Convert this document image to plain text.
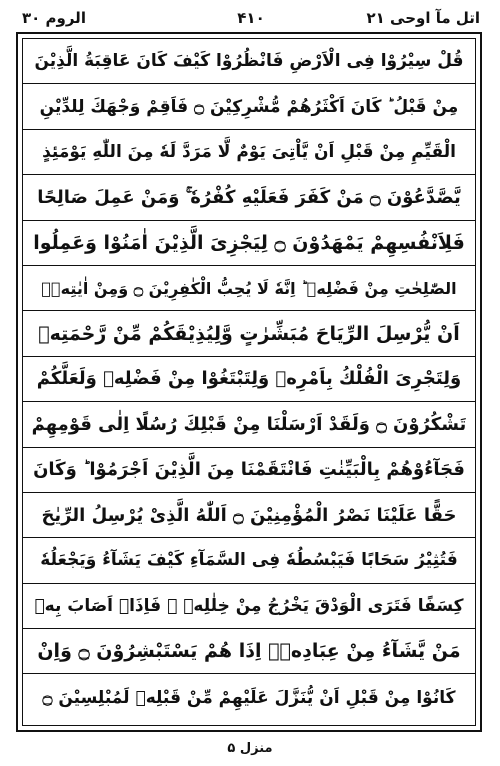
الروم ۳۰	۴۱۰	اتل مآ اوحی ۲۱
قُلْ سِيْرُوْا فِى الْاَرْضِ فَانْظُرُوْا كَيْفَ كَانَ عَاقِبَةُ الَّذِيْنَ
مِنْ قَبْلُ ؕ كَانَ اَكْثَرُهُمْ مُّشْرِكِيْنَ ۝ فَاَقِمْ وَجْهَكَ لِلدِّيْنِ
الْقَيِّمِ مِنْ قَبْلِ اَنْ يَّاْتِىَ يَوْمٌ لَّا مَرَدَّ لَهٗ مِنَ اللّٰهِ يَوْمَئِذٍ
يَّصَّدَّعُوْنَ ۝ مَنْ كَفَرَ فَعَلَيْهِ كُفْرُهٗ ۚ وَمَنْ عَمِلَ صَالِحًا
فَلِاَنْفُسِهِمْ يَمْهَدُوْنَ ۝ لِيَجْزِىَ الَّذِيْنَ اٰمَنُوْا وَعَمِلُوا
الصّٰلِحٰتِ مِنْ فَضْلِهٖ ؕ اِنَّهٗ لَا يُحِبُّ الْكٰفِرِيْنَ ۝ وَمِنْ اٰيٰتِهٖۤ
اَنْ يُّرْسِلَ الرِّيَاحَ مُبَشِّرٰتٍ وَّلِيُذِيْقَكُمْ مِّنْ رَّحْمَتِهٖ
وَلِتَجْرِىَ الْفُلْكُ بِاَمْرِهٖ وَلِتَبْتَغُوْا مِنْ فَضْلِهٖ وَلَعَلَّكُمْ
تَشْكُرُوْنَ ۝ وَلَقَدْ اَرْسَلْنَا مِنْ قَبْلِكَ رُسُلًا اِلٰى قَوْمِهِمْ
فَجَآءُوْهُمْ بِالْبَيِّنٰتِ فَانْتَقَمْنَا مِنَ الَّذِيْنَ اَجْرَمُوْا ؕ وَكَانَ
حَقًّا عَلَيْنَا نَصْرُ الْمُؤْمِنِيْنَ ۝ اَللّٰهُ الَّذِىْ يُرْسِلُ الرِّيٰحَ
فَتُثِيْرُ سَحَابًا فَيَبْسُطُهٗ فِى السَّمَآءِ كَيْفَ يَشَآءُ وَيَجْعَلُهٗ
كِسَفًا فَتَرَى الْوَدْقَ يَخْرُجُ مِنْ خِلٰلِهٖ ۚ فَاِذَاۤ اَصَابَ بِهٖ
مَنْ يَّشَآءُ مِنْ عِبَادِهٖۤ اِذَا هُمْ يَسْتَبْشِرُوْنَ ۝ وَاِنْ
كَانُوْا مِنْ قَبْلِ اَنْ يُّنَزَّلَ عَلَيْهِمْ مِّنْ قَبْلِهٖ لَمُبْلِسِيْنَ ۝
منزل ۵
